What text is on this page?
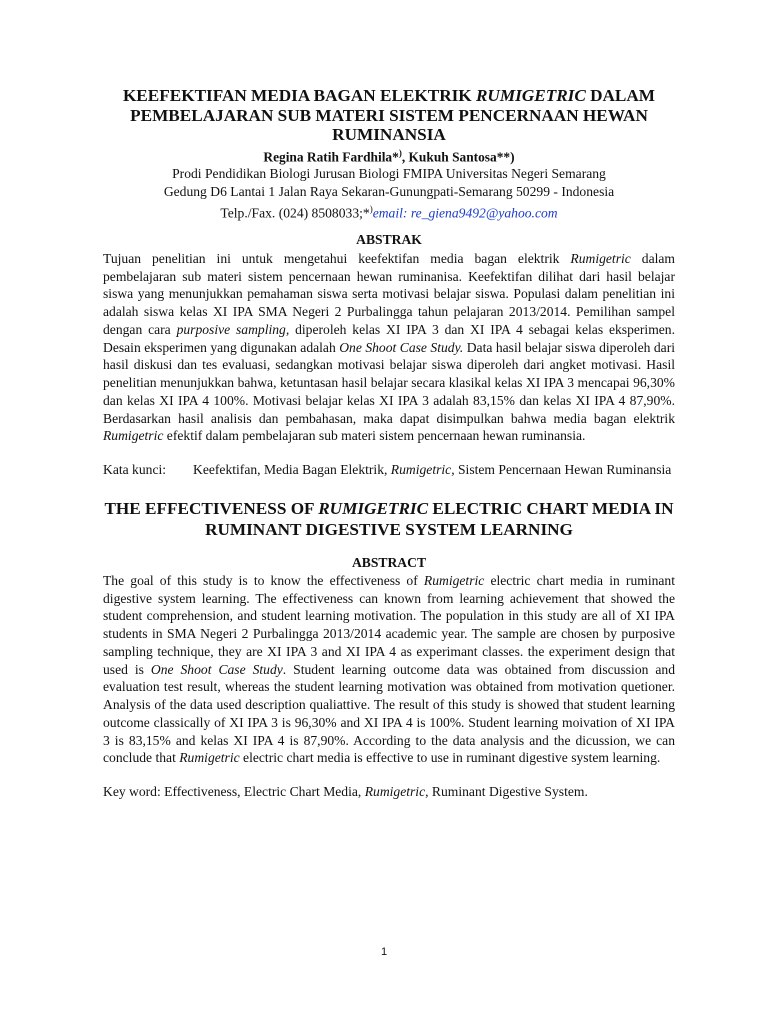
KEEFEKTIFAN MEDIA BAGAN ELEKTRIK RUMIGETRIC DALAM PEMBELAJARAN SUB MATERI SISTEM PENCERNAAN HEWAN RUMINANSIA

Regina Ratih Fardhila*), Kukuh Santosa**)

Prodi Pendidikan Biologi Jurusan Biologi FMIPA Universitas Negeri Semarang

Gedung D6 Lantai 1 Jalan Raya Sekaran-Gunungpati-Semarang 50299 - Indonesia

Telp./Fax. (024) 8508033;*)email: re_giena9492@yahoo.com

ABSTRAK

Tujuan penelitian ini untuk mengetahui keefektifan media bagan elektrik Rumigetric dalam pembelajaran sub materi sistem pencernaan hewan ruminanisa. Keefektifan dilihat dari hasil belajar siswa yang menunjukkan pemahaman siswa serta motivasi belajar siswa. Populasi dalam penelitian ini adalah siswa kelas XI IPA SMA Negeri 2 Purbalingga tahun pelajaran 2013/2014. Pemilihan sampel dengan cara purposive sampling, diperoleh kelas XI IPA 3 dan XI IPA 4 sebagai kelas eksperimen. Desain eksperimen yang digunakan adalah One Shoot Case Study. Data hasil belajar siswa diperoleh dari hasil diskusi dan tes evaluasi, sedangkan motivasi belajar siswa diperoleh dari angket motivasi. Hasil penelitian menunjukkan bahwa, ketuntasan hasil belajar secara klasikal kelas XI IPA 3 mencapai 96,30% dan kelas XI IPA 4 100%. Motivasi belajar kelas XI IPA 3 adalah 83,15% dan kelas XI IPA 4 87,90%. Berdasarkan hasil analisis dan pembahasan, maka dapat disimpulkan bahwa media bagan elektrik Rumigetric efektif dalam pembelajaran sub materi sistem pencernaan hewan ruminansia.

Kata kunci:	Keefektifan, Media Bagan Elektrik, Rumigetric, Sistem Pencernaan Hewan Ruminansia
THE EFFECTIVENESS OF RUMIGETRIC ELECTRIC CHART MEDIA IN RUMINANT DIGESTIVE SYSTEM LEARNING

ABSTRACT

The goal of this study is to know the effectiveness of Rumigetric electric chart media in ruminant digestive system learning. The effectiveness can known from learning achievement that showed the student comprehension, and student learning motivation. The population in this study are all of XI IPA students in SMA Negeri 2 Purbalingga 2013/2014 academic year. The sample are chosen by purposive sampling technique, they are XI IPA 3 and XI IPA 4 as experimant classes. the experiment design that used is One Shoot Case Study. Student learning outcome data was obtained from discussion and evaluation test result, whereas the student learning motivation was obtained from motivation quetioner. Analysis of the data used description qualiattive. The result of this study is showed that student learning outcome classically of XI IPA 3 is 96,30% and XI IPA 4 is 100%. Student learning moivation of XI IPA 3 is 83,15% and kelas XI IPA 4 is 87,90%. According to the data analysis and the dicussion, we can conclude that Rumigetric electric chart media is effective to use in ruminant digestive system learning.

Key word: Effectiveness, Electric Chart Media, Rumigetric, Ruminant Digestive System.

1
